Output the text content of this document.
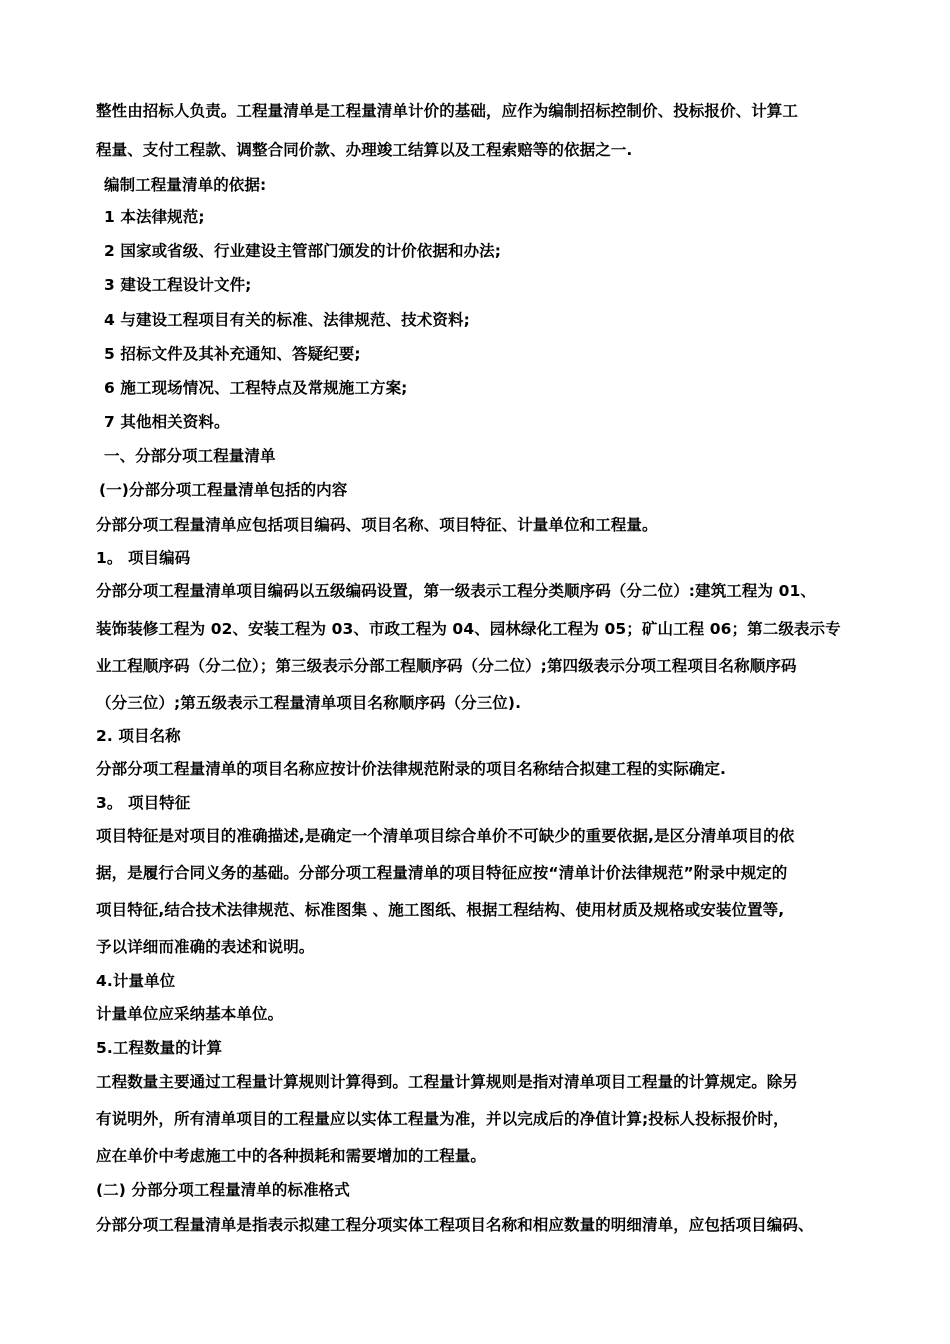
整性由招标人负责。工程量清单是工程量清单计价的基础，应作为编制招标控制价、投标报价、计算工
程量、支付工程款、调整合同价款、办理竣工结算以及工程索赔等的依据之一.
编制工程量清单的依据:
1 本法律规范;
2 国家或省级、行业建设主管部门颁发的计价依据和办法;
3 建设工程设计文件;
4 与建设工程项目有关的标准、法律规范、技术资料;
5 招标文件及其补充通知、答疑纪要;
6 施工现场情况、工程特点及常规施工方案;
7 其他相关资料。
一、分部分项工程量清单
(一)分部分项工程量清单包括的内容
分部分项工程量清单应包括项目编码、项目名称、项目特征、计量单位和工程量。
1。 项目编码
分部分项工程量清单项目编码以五级编码设置，第一级表示工程分类顺序码（分二位）:建筑工程为 01、
装饰装修工程为 02、安装工程为 03、市政工程为 04、园林绿化工程为 05；矿山工程 06；第二级表示专
业工程顺序码（分二位）；第三级表示分部工程顺序码（分二位）;第四级表示分项工程项目名称顺序码
（分三位）;第五级表示工程量清单项目名称顺序码（分三位).
2. 项目名称
分部分项工程量清单的项目名称应按计价法律规范附录的项目名称结合拟建工程的实际确定.
3。 项目特征
项目特征是对项目的准确描述,是确定一个清单项目综合单价不可缺少的重要依据,是区分清单项目的依
据，是履行合同义务的基础。分部分项工程量清单的项目特征应按“清单计价法律规范”附录中规定的
项目特征,结合技术法律规范、标准图集 、施工图纸、根据工程结构、使用材质及规格或安装位置等,
予以详细而准确的表述和说明。
4.计量单位
计量单位应采纳基本单位。
5.工程数量的计算
工程数量主要通过工程量计算规则计算得到。工程量计算规则是指对清单项目工程量的计算规定。除另
有说明外，所有清单项目的工程量应以实体工程量为准，并以完成后的净值计算;投标人投标报价时，
应在单价中考虑施工中的各种损耗和需要增加的工程量。
(二) 分部分项工程量清单的标准格式
分部分项工程量清单是指表示拟建工程分项实体工程项目名称和相应数量的明细清单，应包括项目编码、
